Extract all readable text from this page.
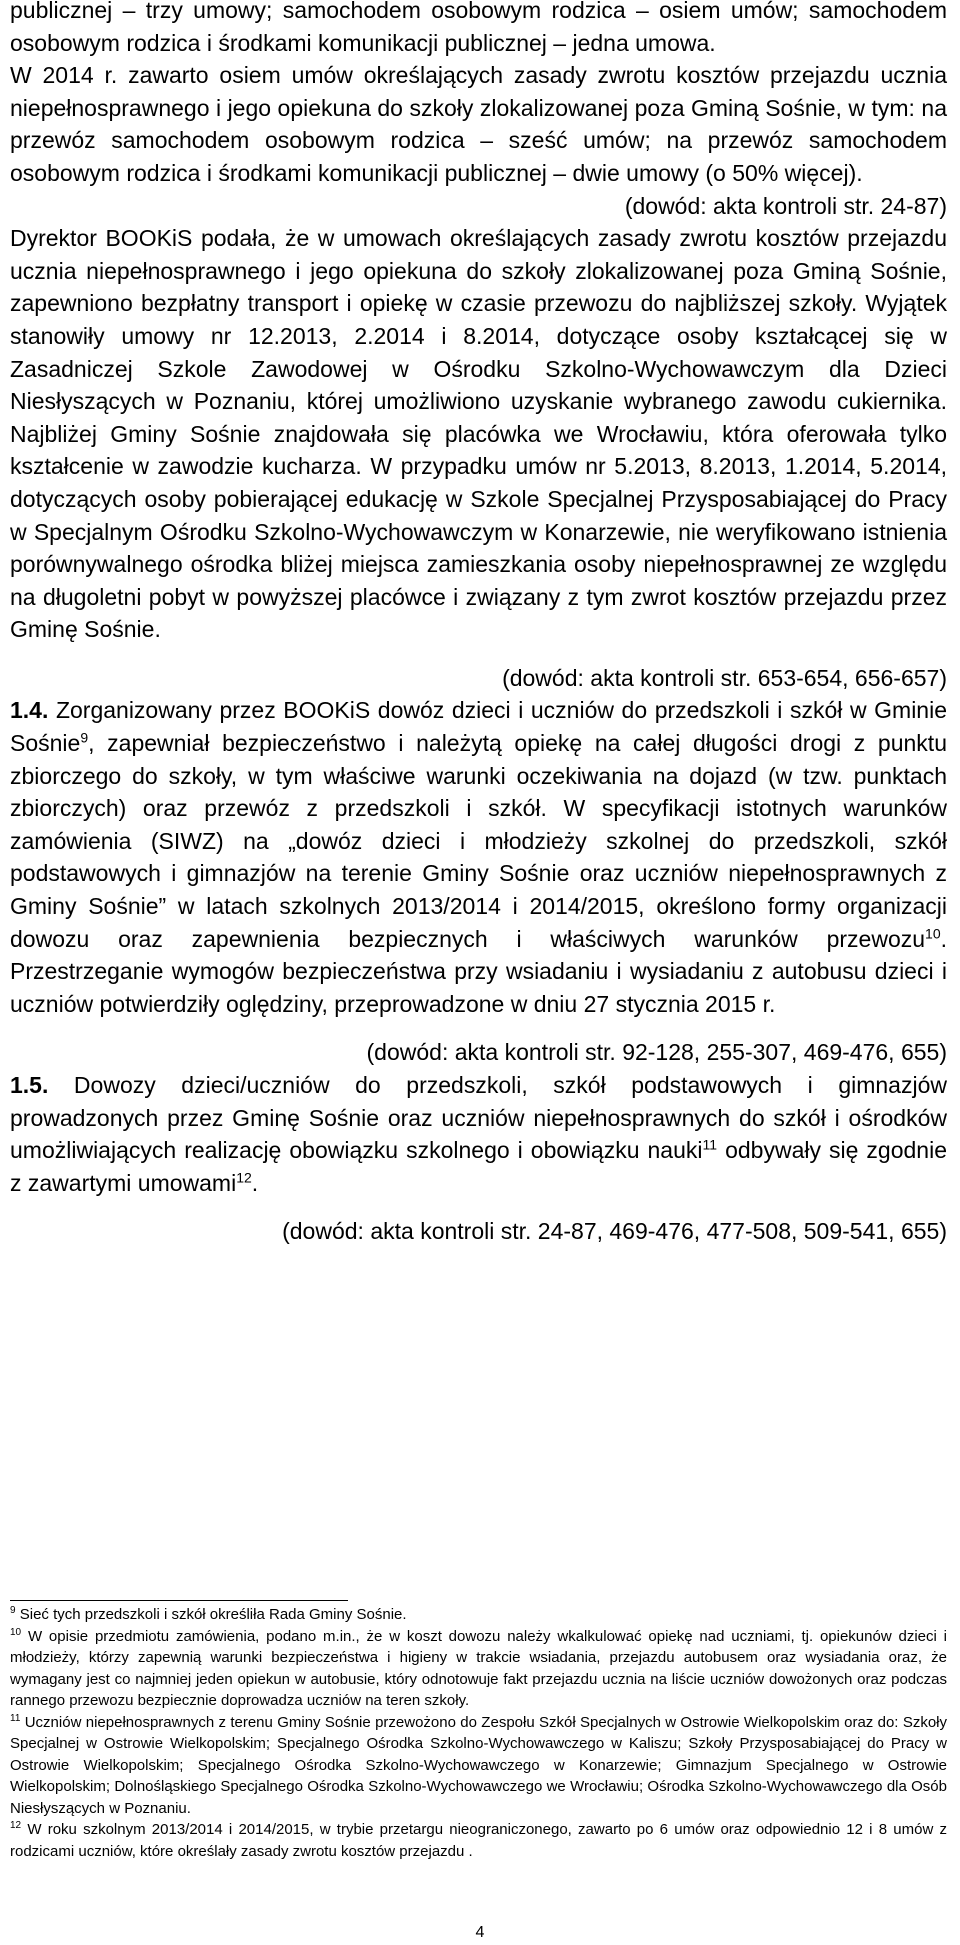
publicznej – trzy umowy; samochodem osobowym rodzica – osiem umów; samochodem osobowym rodzica i środkami komunikacji publicznej – jedna umowa.

W 2014 r. zawarto osiem umów określających zasady zwrotu kosztów przejazdu ucznia niepełnosprawnego i jego opiekuna do szkoły zlokalizowanej poza Gminą Sośnie, w tym: na przewóz samochodem osobowym rodzica – sześć umów; na przewóz samochodem osobowym rodzica i środkami komunikacji publicznej – dwie umowy (o 50% więcej).

(dowód: akta kontroli str. 24-87)

Dyrektor BOOKiS podała, że w umowach określających zasady zwrotu kosztów przejazdu ucznia niepełnosprawnego i jego opiekuna do szkoły zlokalizowanej poza Gminą Sośnie, zapewniono bezpłatny transport i opiekę w czasie przewozu do najbliższej szkoły. Wyjątek stanowiły umowy nr 12.2013, 2.2014 i 8.2014, dotyczące osoby kształcącej się w Zasadniczej Szkole Zawodowej w Ośrodku Szkolno-Wychowawczym dla Dzieci Niesłyszących w Poznaniu, której umożliwiono uzyskanie wybranego zawodu cukiernika. Najbliżej Gminy Sośnie znajdowała się placówka we Wrocławiu, która oferowała tylko kształcenie w zawodzie kucharza. W przypadku umów nr 5.2013, 8.2013, 1.2014, 5.2014, dotyczących osoby pobierającej edukację w Szkole Specjalnej Przysposabiającej do Pracy w Specjalnym Ośrodku Szkolno-Wychowawczym w Konarzewie, nie weryfikowano istnienia porównywalnego ośrodka bliżej miejsca zamieszkania osoby niepełnosprawnej ze względu na długoletni pobyt w powyższej placówce i związany z tym zwrot kosztów przejazdu przez Gminę Sośnie.

(dowód: akta kontroli str. 653-654, 656-657)

1.4. Zorganizowany przez BOOKiS dowóz dzieci i uczniów do przedszkoli i szkół w Gminie Sośnie$^9$, zapewniał bezpieczeństwo i należytą opiekę na całej długości drogi z punktu zbiorczego do szkoły, w tym właściwe warunki oczekiwania na dojazd (w tzw. punktach zbiorczych) oraz przewóz z przedszkoli i szkół. W specyfikacji istotnych warunków zamówienia (SIWZ) na „dowóz dzieci i młodzieży szkolnej do przedszkoli, szkół podstawowych i gimnazjów na terenie Gminy Sośnie oraz uczniów niepełnosprawnych z Gminy Sośnie” w latach szkolnych 2013/2014 i 2014/2015, określono formy organizacji dowozu oraz zapewnienia bezpiecznych i właściwych warunków przewozu$^{10}$. Przestrzeganie wymogów bezpieczeństwa przy wsiadaniu i wysiadaniu z autobusu dzieci i uczniów potwierdziły oględziny, przeprowadzone w dniu 27 stycznia 2015 r.

(dowód: akta kontroli str. 92-128, 255-307, 469-476, 655)

1.5. Dowozy dzieci/uczniów do przedszkoli, szkół podstawowych i gimnazjów prowadzonych przez Gminę Sośnie oraz uczniów niepełnosprawnych do szkół i ośrodków umożliwiających realizację obowiązku szkolnego i obowiązku nauki$^{11}$ odbywały się zgodnie z zawartymi umowami$^{12}$.

(dowód: akta kontroli str. 24-87, 469-476, 477-508, 509-541, 655)

$^9$ Sieć tych przedszkoli i szkół określiła Rada Gminy Sośnie.

$^{10}$ W opisie przedmiotu zamówienia, podano m.in., że w koszt dowozu należy wkalkulować opiekę nad uczniami, tj. opiekunów dzieci i młodzieży, którzy zapewnią warunki bezpieczeństwa i higieny w trakcie wsiadania, przejazdu autobusem oraz wysiadania oraz, że wymagany jest co najmniej jeden opiekun w autobusie, który odnotowuje fakt przejazdu ucznia na liście uczniów dowożonych oraz podczas rannego przewozu bezpiecznie doprowadza uczniów na teren szkoły.

$^{11}$ Uczniów niepełnosprawnych z terenu Gminy Sośnie przewożono do Zespołu Szkół Specjalnych w Ostrowie Wielkopolskim oraz do: Szkoły Specjalnej w Ostrowie Wielkopolskim; Specjalnego Ośrodka Szkolno-Wychowawczego w Kaliszu; Szkoły Przysposabiającej do Pracy w Ostrowie Wielkopolskim; Specjalnego Ośrodka Szkolno-Wychowawczego w Konarzewie; Gimnazjum Specjalnego w Ostrowie Wielkopolskim; Dolnośląskiego Specjalnego Ośrodka Szkolno-Wychowawczego we Wrocławiu; Ośrodka Szkolno-Wychowawczego dla Osób Niesłyszących w Poznaniu.

$^{12}$ W roku szkolnym 2013/2014 i 2014/2015, w trybie przetargu nieograniczonego, zawarto po 6 umów oraz odpowiednio 12 i 8 umów z rodzicami uczniów, które określały zasady zwrotu kosztów przejazdu .

4
